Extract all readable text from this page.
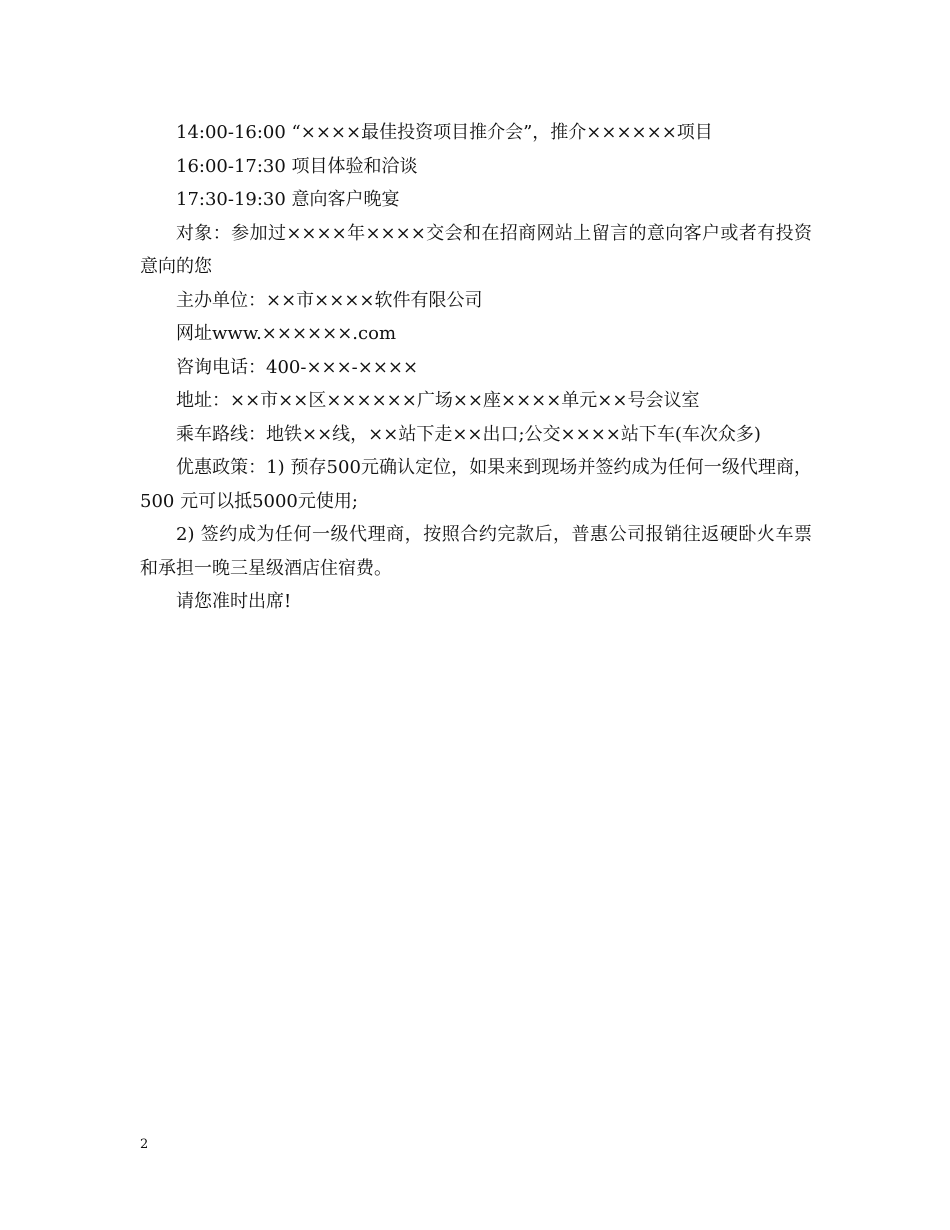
14:00-16:00 “××××最佳投资项目推介会”，推介××××××项目

16:00-17:30 项目体验和洽谈

17:30-19:30 意向客户晚宴

对象：参加过××××年××××交会和在招商网站上留言的意向客户或者有投资意向的您

主办单位：××市××××软件有限公司

网址www.××××××.com

咨询电话：400-×××-××××

地址：××市××区××××××广场××座××××单元××号会议室

乘车路线：地铁××线，××站下走××出口;公交××××站下车(车次众多)

优惠政策：1) 预存500元确认定位，如果来到现场并签约成为任何一级代理商，500 元可以抵5000元使用;

2) 签约成为任何一级代理商，按照合约完款后，普惠公司报销往返硬卧火车票和承担一晚三星级酒店住宿费。

请您准时出席!

2
